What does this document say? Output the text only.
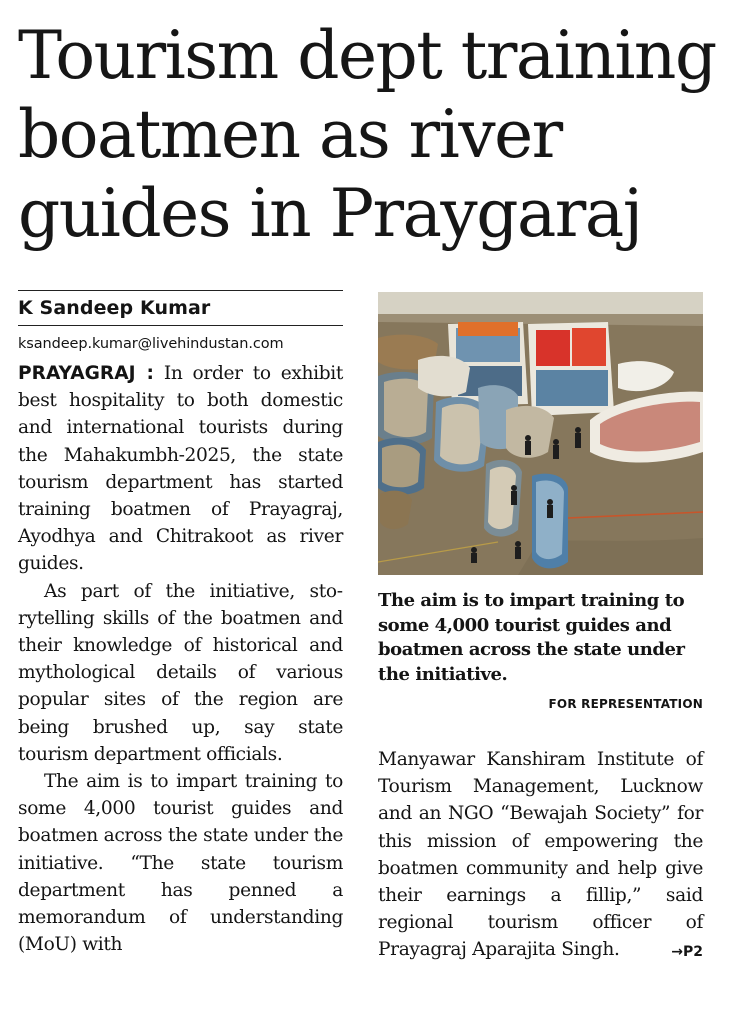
Tourism dept training
boatmen as river
guides in Praygaraj
K Sandeep Kumar
ksandeep.kumar@livehindustan.com

PRAYAGRAJ : In order to exhibit best hospitality to both domestic and international tourists during the Mahakumbh-2025, the state tourism department has started training boatmen of Prayagraj, Ayodhya and Chitrakoot as river guides.

As part of the initiative, storytelling skills of the boatmen and their knowledge of historical and mythological details of various popular sites of the region are being brushed up, say state tourism department officials.

The aim is to impart training to some 4,000 tourist guides and boatmen across the state under the initiative. “The state tourism department has penned a memorandum of understanding (MoU) with

The aim is to impart training to some 4,000 tourist guides and boatmen across the state under the initiative.

FOR REPRESENTATION

Manyawar Kanshiram Institute of Tourism Management, Lucknow and an NGO “Bewajah Society” for this mission of empowering the boatmen community and help give their earnings a fillip,” said regional tourism officer of Prayagraj Aparajita Singh.	→P2
